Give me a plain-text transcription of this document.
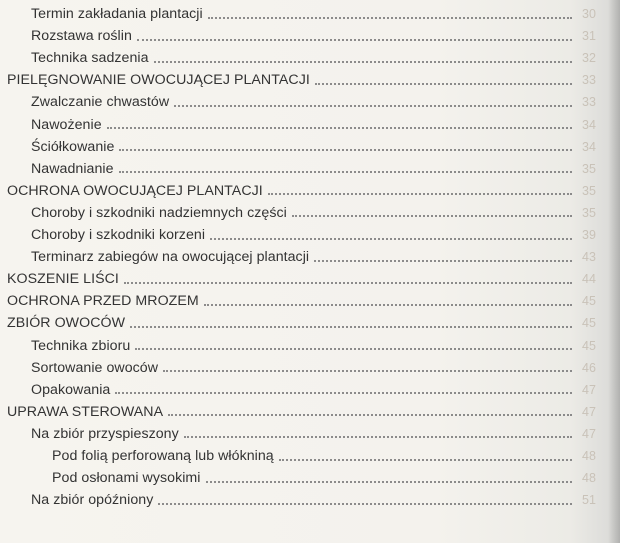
Termin zakładania plantacji	30
Rozstawa roślin	31
Technika sadzenia	32
PIELĘGNOWANIE OWOCUJĄCEJ PLANTACJI	33
Zwalczanie chwastów	33
Nawożenie	34
Ściółkowanie	34
Nawadnianie	35
OCHRONA OWOCUJĄCEJ PLANTACJI	35
Choroby i szkodniki nadziemnych części	35
Choroby i szkodniki korzeni	39
Terminarz zabiegów na owocującej plantacji	43
KOSZENIE LIŚCI	44
OCHRONA PRZED MROZEM	45
ZBIÓR OWOCÓW	45
Technika zbioru	45
Sortowanie owoców	46
Opakowania	47
UPRAWA STEROWANA	47
Na zbiór przyspieszony	47
Pod folią perforowaną lub włókniną	48
Pod osłonami wysokimi	48
Na zbiór opóźniony	51
